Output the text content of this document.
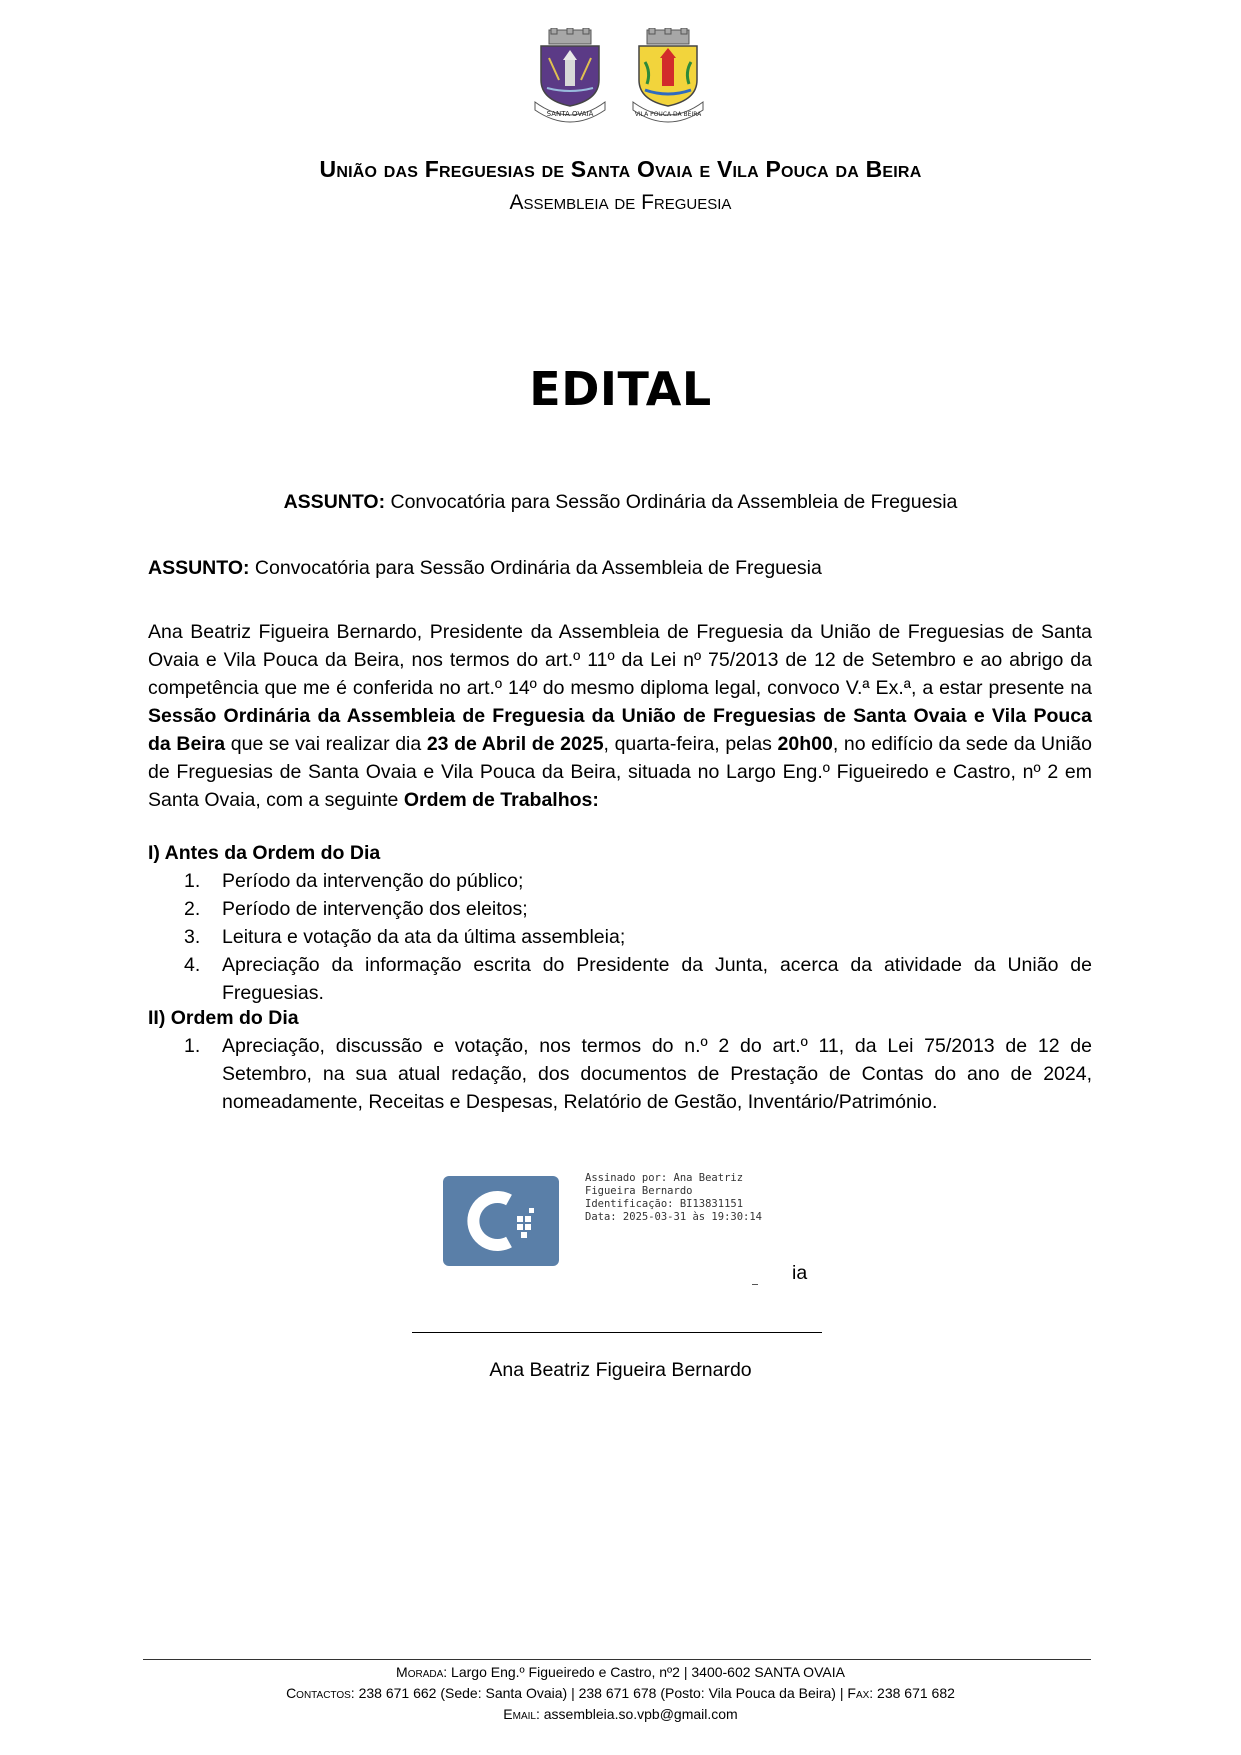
SANTA OVAIA	VILA POUCA DA BEIRA
União das Freguesias de Santa Ovaia e Vila Pouca da Beira
Assembleia de Freguesia
EDITAL
ASSUNTO: Convocatória para Sessão Ordinária da Assembleia de Freguesia
ASSUNTO: Convocatória para Sessão Ordinária da Assembleia de Freguesia
Ana Beatriz Figueira Bernardo, Presidente da Assembleia de Freguesia da União de Freguesias de Santa Ovaia e Vila Pouca da Beira, nos termos do art.º 11º da Lei nº 75/2013 de 12 de Setembro e ao abrigo da competência que me é conferida no art.º 14º do mesmo diploma legal, convoco V.ª Ex.ª, a estar presente na Sessão Ordinária da Assembleia de Freguesia da União de Freguesias de Santa Ovaia e Vila Pouca da Beira que se vai realizar dia 23 de Abril de 2025, quarta-feira, pelas 20h00, no edifício da sede da União de Freguesias de Santa Ovaia e Vila Pouca da Beira, situada no Largo Eng.º Figueiredo e Castro, nº 2 em Santa Ovaia, com a seguinte Ordem de Trabalhos:
I) Antes da Ordem do Dia
1. Período da intervenção do público;
2. Período de intervenção dos eleitos;
3. Leitura e votação da ata da última assembleia;
4. Apreciação da informação escrita do Presidente da Junta, acerca da atividade da União de Freguesias.
II) Ordem do Dia
1. Apreciação, discussão e votação, nos termos do n.º 2 do art.º 11, da Lei 75/2013 de 12 de Setembro, na sua atual redação, dos documentos de Prestação de Contas do ano de 2024, nomeadamente, Receitas e Despesas, Relatório de Gestão, Inventário/Património.
Assinado por: Ana Beatriz
Figueira Bernardo
Identificação: BI13831151
Data: 2025-03-31 às 19:30:14
ia
Ana Beatriz Figueira Bernardo
Morada: Largo Eng.º Figueiredo e Castro, nº2 | 3400-602 SANTA OVAIA
Contactos: 238 671 662 (Sede: Santa Ovaia) | 238 671 678 (Posto: Vila Pouca da Beira) | Fax: 238 671 682
Email: assembleia.so.vpb@gmail.com
